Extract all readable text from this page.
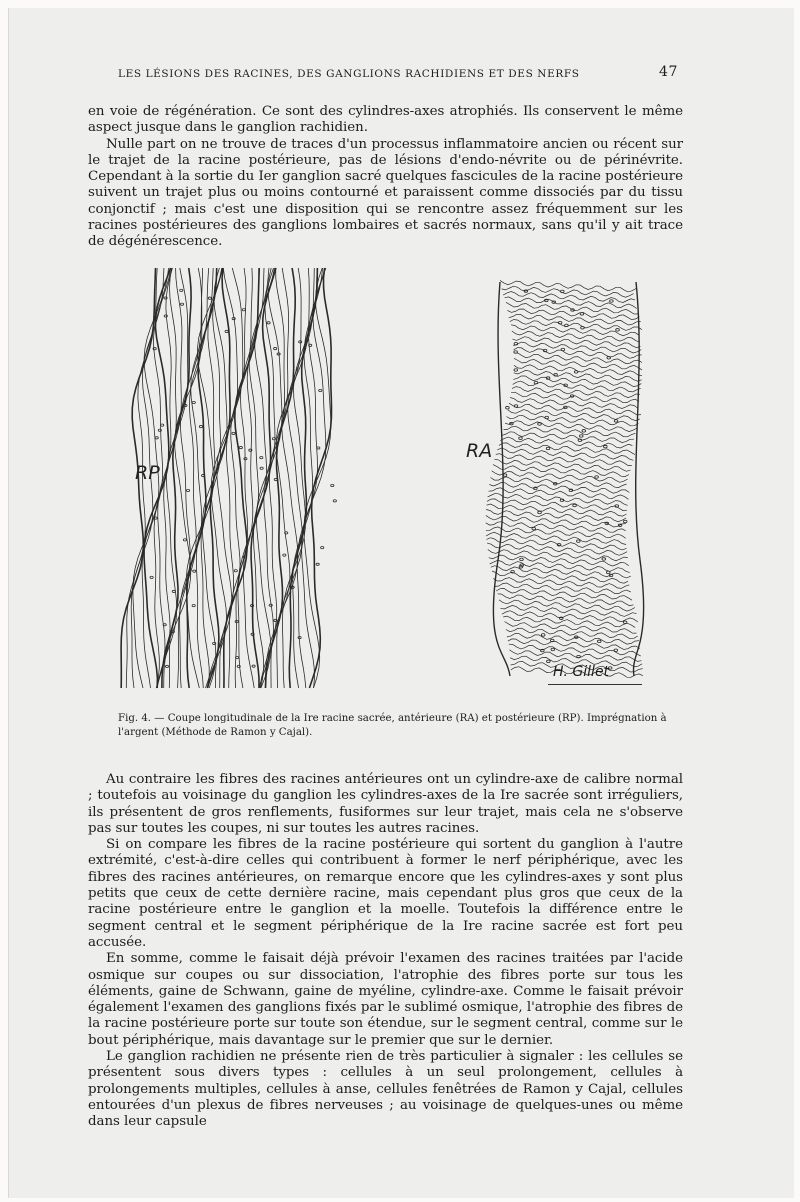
LES LÉSIONS DES RACINES, DES GANGLIONS RACHIDIENS ET DES NERFS	47

en voie de régénération. Ce sont des cylindres-axes atrophiés. Ils conservent le même aspect jusque dans le ganglion rachidien.

Nulle part on ne trouve de traces d'un processus inflammatoire ancien ou récent sur le trajet de la racine postérieure, pas de lésions d'endo-névrite ou de périnévrite. Cependant à la sortie du Ier ganglion sacré quelques fascicules de la racine postérieure suivent un trajet plus ou moins contourné et paraissent comme dissociés par du tissu conjonctif ; mais c'est une disposition qui se rencontre assez fréquemment sur les racines postérieures des ganglions lombaires et sacrés normaux, sans qu'il y ait trace de dégénérescence.

RP
RA
H. Gillet
Fig. 4. — Coupe longitudinale de la Ire racine sacrée, antérieure (RA) et postérieure (RP). Imprégnation à l'argent (Méthode de Ramon y Cajal).

Au contraire les fibres des racines antérieures ont un cylindre-axe de calibre normal ; toutefois au voisinage du ganglion les cylindres-axes de la Ire sacrée sont irréguliers, ils présentent de gros renflements, fusiformes sur leur trajet, mais cela ne s'observe pas sur toutes les coupes, ni sur toutes les autres racines.

Si on compare les fibres de la racine postérieure qui sortent du ganglion à l'autre extrémité, c'est-à-dire celles qui contribuent à former le nerf périphérique, avec les fibres des racines antérieures, on remarque encore que les cylindres-axes y sont plus petits que ceux de cette dernière racine, mais cependant plus gros que ceux de la racine postérieure entre le ganglion et la moelle. Toutefois la différence entre le segment central et le segment périphérique de la Ire racine sacrée est fort peu accusée.

En somme, comme le faisait déjà prévoir l'examen des racines traitées par l'acide osmique sur coupes ou sur dissociation, l'atrophie des fibres porte sur tous les éléments, gaine de Schwann, gaine de myéline, cylindre-axe. Comme le faisait prévoir également l'examen des ganglions fixés par le sublimé osmique, l'atrophie des fibres de la racine postérieure porte sur toute son étendue, sur le segment central, comme sur le bout périphérique, mais davantage sur le premier que sur le dernier.

Le ganglion rachidien ne présente rien de très particulier à signaler : les cellules se présentent sous divers types : cellules à un seul prolongement, cellules à prolongements multiples, cellules à anse, cellules fenêtrées de Ramon y Cajal, cellules entourées d'un plexus de fibres nerveuses ; au voisinage de quelques-unes ou même dans leur capsule
